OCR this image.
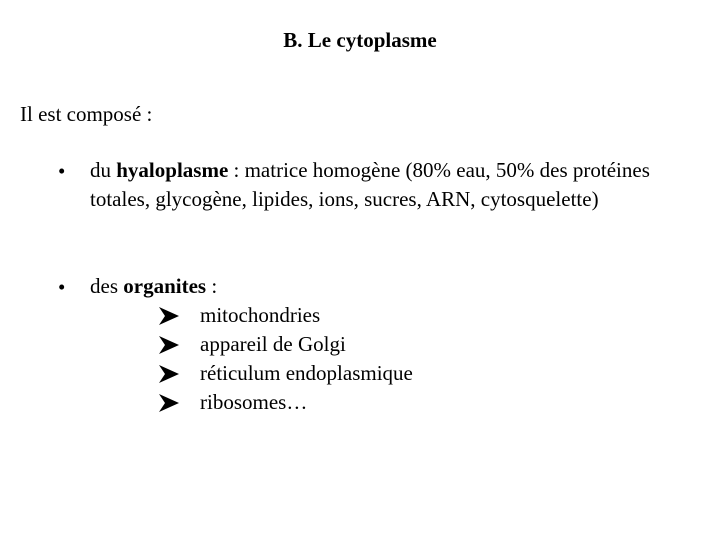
B. Le cytoplasme
Il est composé :
• du hyaloplasme : matrice homogène (80% eau, 50% des protéines totales, glycogène, lipides, ions, sucres, ARN, cytosquelette)
• des organites :
mitochondries
appareil de Golgi
réticulum endoplasmique
ribosomes…
